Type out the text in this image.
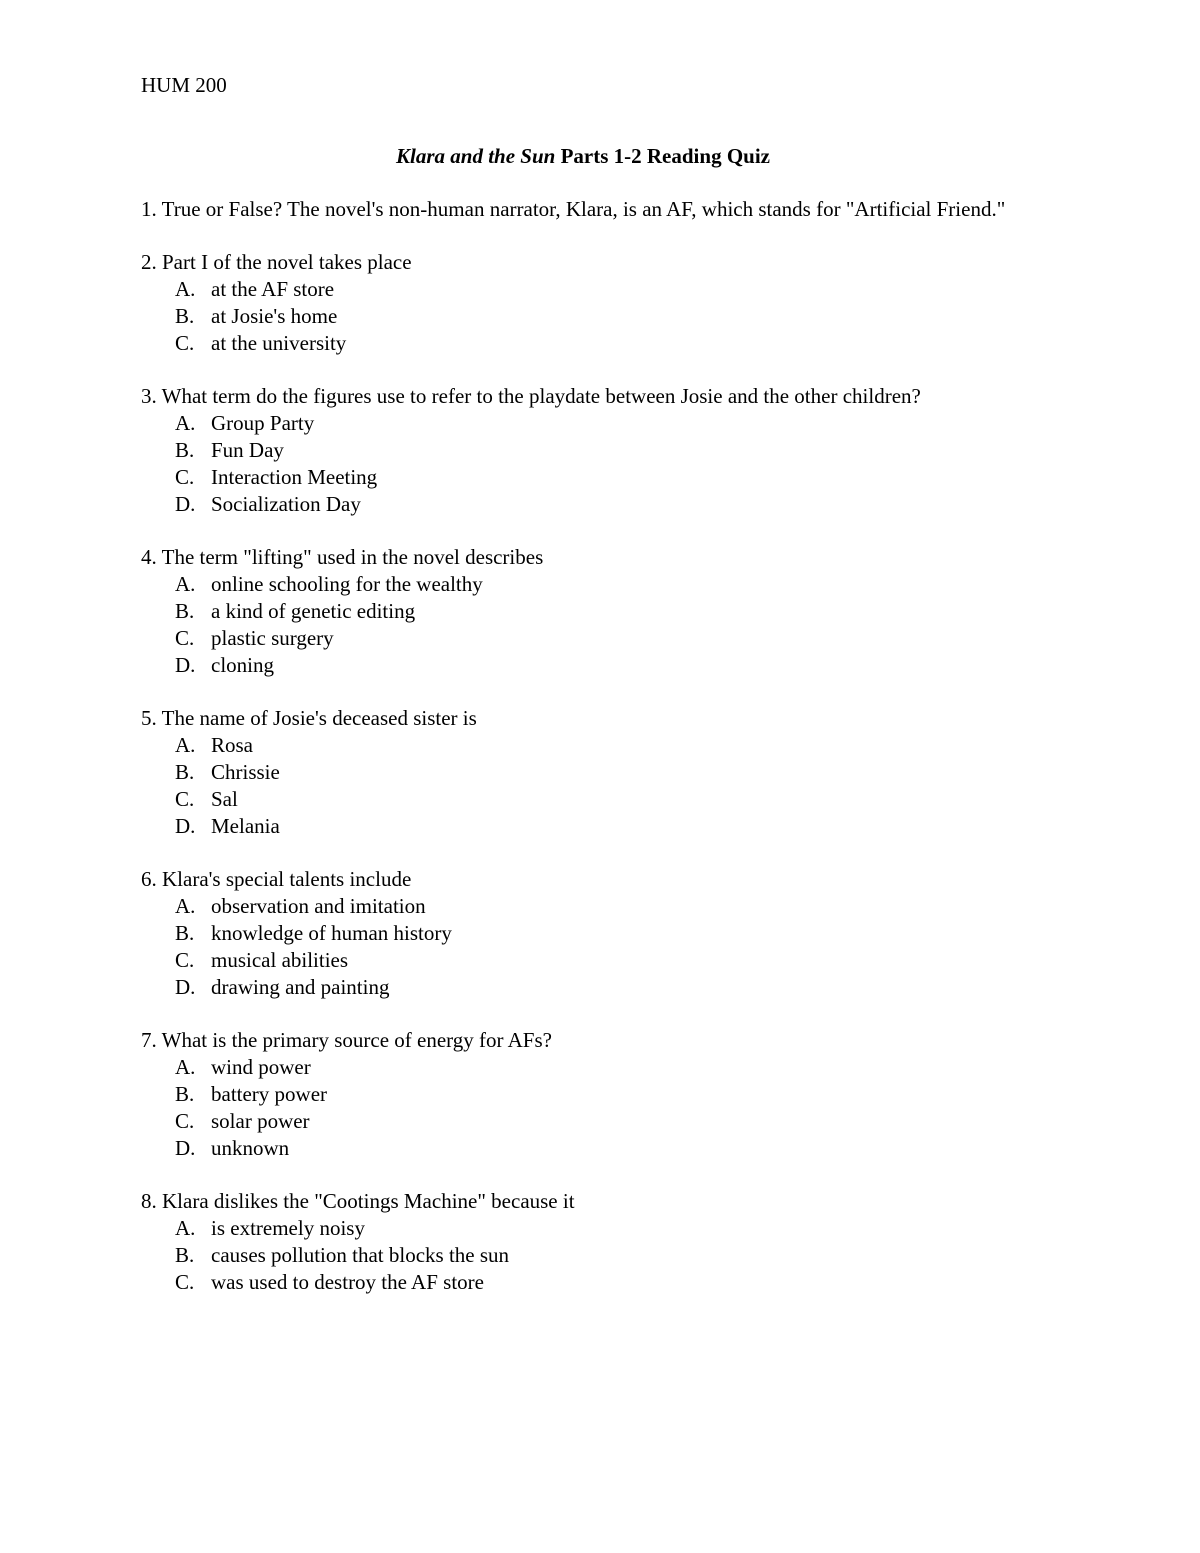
HUM 200
Klara and the Sun Parts 1-2 Reading Quiz

1. True or False? The novel's non-human narrator, Klara, is an AF, which stands for "Artificial Friend."

2. Part I of the novel takes place

A. at the AF store
B. at Josie's home
C. at the university

3. What term do the figures use to refer to the playdate between Josie and the other children?

A. Group Party
B. Fun Day
C. Interaction Meeting
D. Socialization Day

4. The term "lifting" used in the novel describes

A. online schooling for the wealthy
B. a kind of genetic editing
C. plastic surgery
D. cloning

5. The name of Josie's deceased sister is

A. Rosa
B. Chrissie
C. Sal
D. Melania

6. Klara's special talents include

A. observation and imitation
B. knowledge of human history
C. musical abilities
D. drawing and painting

7. What is the primary source of energy for AFs?

A. wind power
B. battery power
C. solar power
D. unknown

8. Klara dislikes the "Cootings Machine" because it

A. is extremely noisy
B. causes pollution that blocks the sun
C. was used to destroy the AF store
